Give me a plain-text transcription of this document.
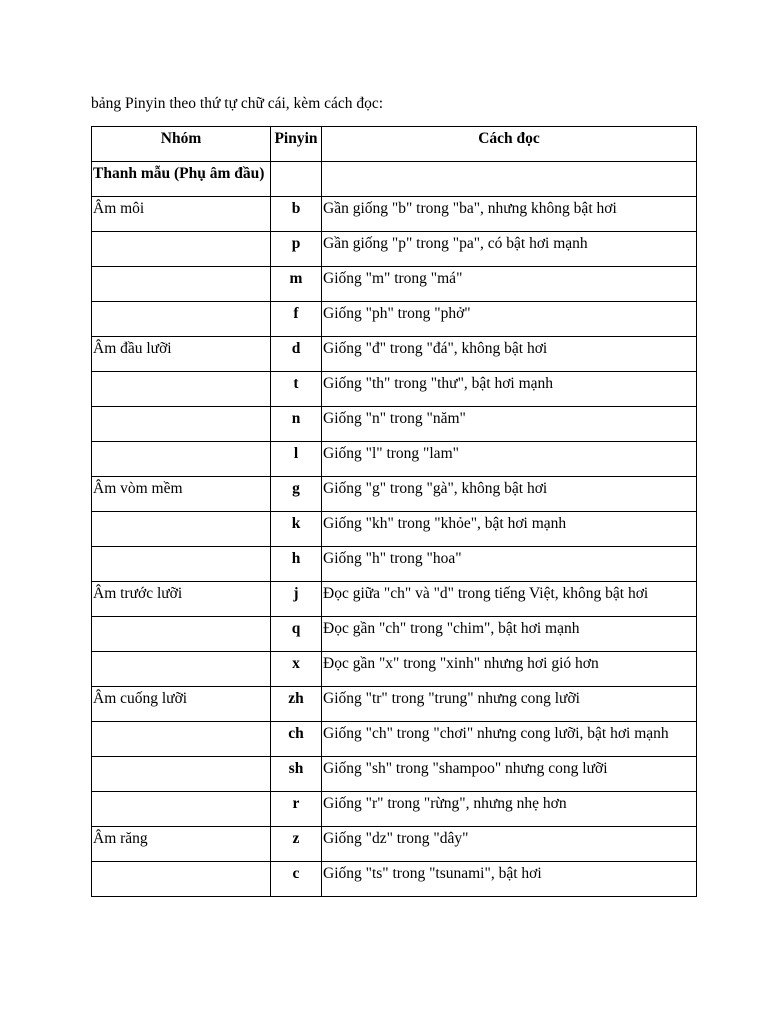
bảng Pinyin theo thứ tự chữ cái, kèm cách đọc:
Nhóm	Pinyin	Cách đọc
Thanh mẫu (Phụ âm đầu)		
Âm môi	b	Gần giống "b" trong "ba", nhưng không bật hơi
	p	Gần giống "p" trong "pa", có bật hơi mạnh
	m	Giống "m" trong "má"
	f	Giống "ph" trong "phở"
Âm đầu lưỡi	d	Giống "đ" trong "đá", không bật hơi
	t	Giống "th" trong "thư", bật hơi mạnh
	n	Giống "n" trong "năm"
	l	Giống "l" trong "lam"
Âm vòm mềm	g	Giống "g" trong "gà", không bật hơi
	k	Giống "kh" trong "khỏe", bật hơi mạnh
	h	Giống "h" trong "hoa"
Âm trước lưỡi	j	Đọc giữa "ch" và "d" trong tiếng Việt, không bật hơi
	q	Đọc gần "ch" trong "chim", bật hơi mạnh
	x	Đọc gần "x" trong "xinh" nhưng hơi gió hơn
Âm cuống lưỡi	zh	Giống "tr" trong "trung" nhưng cong lưỡi
	ch	Giống "ch" trong "chơi" nhưng cong lưỡi, bật hơi mạnh
	sh	Giống "sh" trong "shampoo" nhưng cong lưỡi
	r	Giống "r" trong "rừng", nhưng nhẹ hơn
Âm răng	z	Giống "dz" trong "dây"
	c	Giống "ts" trong "tsunami", bật hơi
